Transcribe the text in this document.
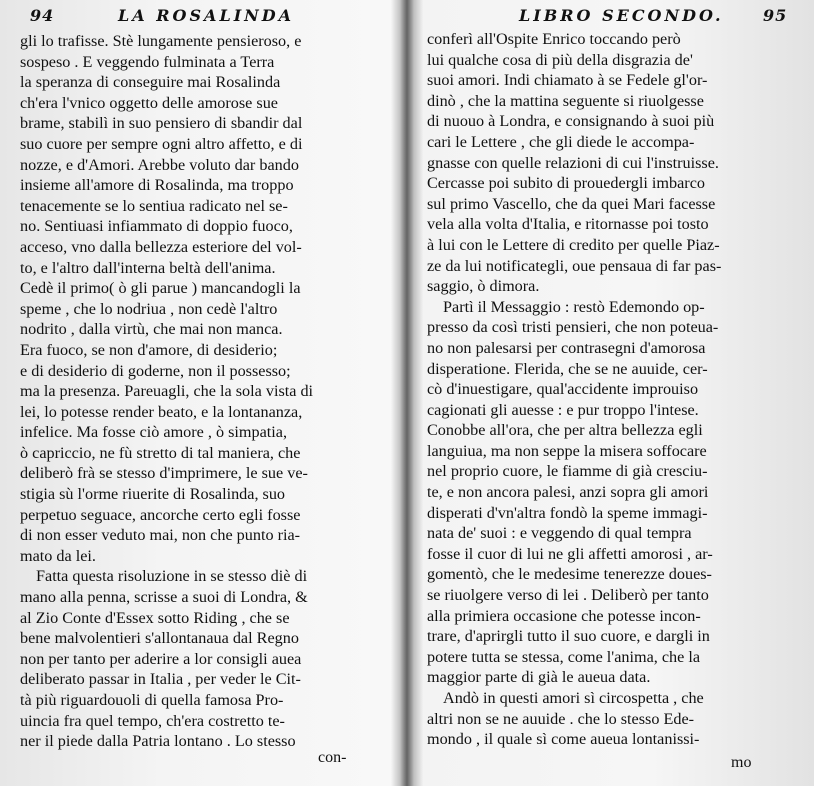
94	LA ROSALINDA
gli lo trafisse. Stè lungamente pensieroso, e
sospeso . E veggendo fulminata a Terra
la speranza di conseguire mai Rosalinda
ch'era l'vnico oggetto delle amorose sue
brame, stabilì in suo pensiero di sbandir dal
suo cuore per sempre ogni altro affetto, e di
nozze, e d'Amori. Arebbe voluto dar bando
insieme all'amore di Rosalinda, ma troppo
tenacemente se lo sentiua radicato nel se-
no. Sentiuasi infiammato di doppio fuoco,
acceso, vno dalla bellezza esteriore del vol-
to, e l'altro dall'interna beltà dell'anima.
Cedè il primo( ò gli parue ) mancandogli la
speme , che lo nodriua , non cedè l'altro
nodrito , dalla virtù, che mai non manca.
Era fuoco, se non d'amore, di desiderio;
e di desiderio di goderne, non il possesso;
ma la presenza. Pareuagli, che la sola vista di
lei, lo potesse render beato, e la lontananza,
infelice. Ma fosse ciò amore , ò simpatia,
ò capriccio, ne fù stretto di tal maniera, che
deliberò frà se stesso d'imprimere, le sue ve-
stigia sù l'orme riuerite di Rosalinda, suo
perpetuo seguace, ancorche certo egli fosse
di non esser veduto mai, non che punto ria-
mato da lei.
Fatta questa risoluzione in se stesso diè di
mano alla penna, scrisse a suoi di Londra, &
al Zio Conte d'Essex sotto Riding , che se
bene malvolentieri s'allontanaua dal Regno
non per tanto per aderire a lor consigli auea
deliberato passar in Italia , per veder le Cit-
tà più riguardouoli di quella famosa Pro-
uincia fra quel tempo, ch'era costretto te-
ner il piede dalla Patria lontano . Lo stesso
con-
LIBRO SECONDO. 95
conferì all'Ospite Enrico toccando però
lui qualche cosa di più della disgrazia de'
suoi amori. Indi chiamato à se Fedele gl'or-
dinò , che la mattina seguente si riuolgesse
di nuouo à Londra, e consignando à suoi più
cari le Lettere , che gli diede le accompa-
gnasse con quelle relazioni di cui l'instruisse.
Cercasse poi subito di prouedergli imbarco
sul primo Vascello, che da quei Mari facesse
vela alla volta d'Italia, e ritornasse poi tosto
à lui con le Lettere di credito per quelle Piaz-
ze da lui notificategli, oue pensaua di far pas-
saggio, ò dimora.
Partì il Messaggio : restò Edemondo op-
presso da così tristi pensieri, che non poteua-
no non palesarsi per contrasegni d'amorosa
disperatione. Flerida, che se ne auuide, cer-
cò d'inuestigare, qual'accidente improuiso
cagionati gli auesse : e pur troppo l'intese.
Conobbe all'ora, che per altra bellezza egli
languiua, ma non seppe la misera soffocare
nel proprio cuore, le fiamme di già cresciu-
te, e non ancora palesi, anzi sopra gli amori
disperati d'vn'altra fondò la speme immagi-
nata de' suoi : e veggendo di qual tempra
fosse il cuor di lui ne gli affetti amorosi , ar-
gomentò, che le medesime tenerezze doues-
se riuolgere verso di lei . Deliberò per tanto
alla primiera occasione che potesse incon-
trare, d'aprirgli tutto il suo cuore, e dargli in
potere tutta se stessa, come l'anima, che la
maggior parte di già le aueua data.
Andò in questi amori sì circospetta , che
altri non se ne auuide . che lo stesso Ede-
mondo , il quale sì come aueua lontanissi-
mo
